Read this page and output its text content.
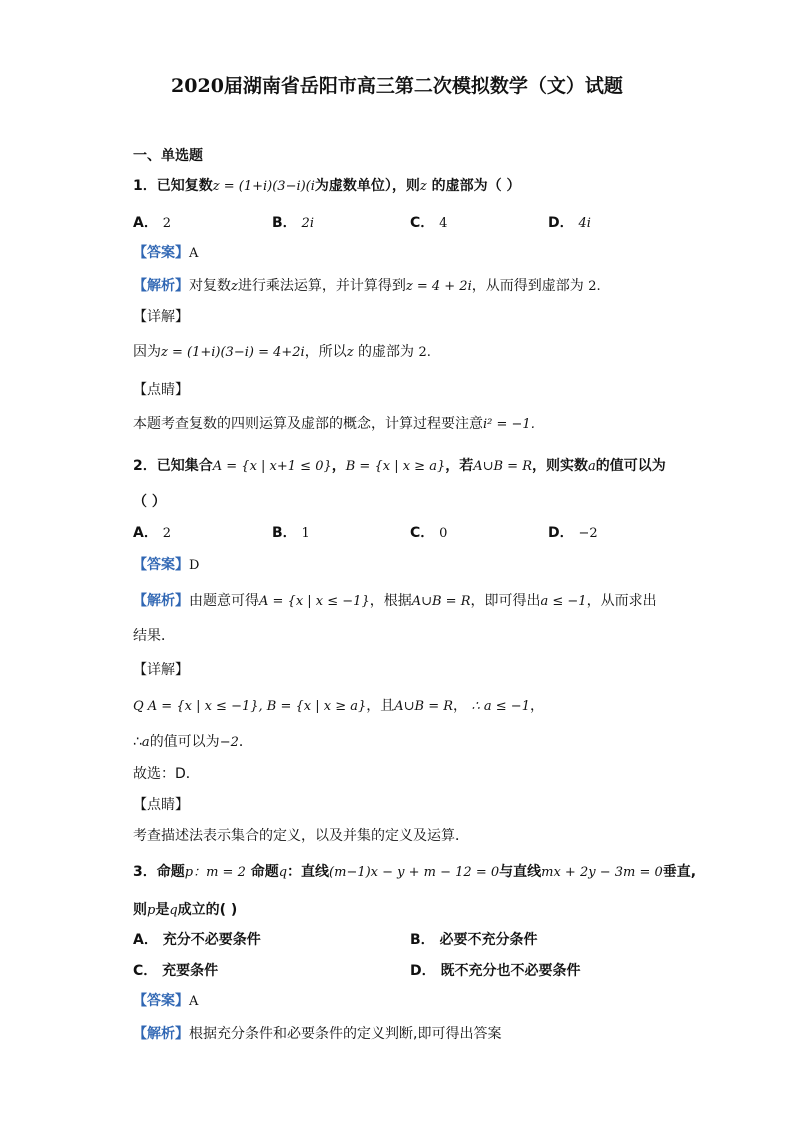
2020届湖南省岳阳市高三第二次模拟数学（文）试题
一、单选题
1．已知复数z = (1+i)(3−i)(i为虚数单位），则z 的虚部为（ ）
A． 2	B． 2i	C． 4	D． 4i
【答案】A
【解析】对复数z进行乘法运算，并计算得到z = 4 + 2i，从而得到虚部为 2.
【详解】
因为z = (1+i)(3−i) = 4+2i，所以z 的虚部为 2.
【点睛】
本题考查复数的四则运算及虚部的概念，计算过程要注意i² = −1.
2．已知集合A = {x | x+1 ≤ 0}，B = {x | x ≥ a}，若A∪B = R，则实数a的值可以为
（ ）
A． 2	B． 1	C． 0	D． −2
【答案】D
【解析】由题意可得A = {x | x ≤ −1}，根据A∪B = R，即可得出a ≤ −1，从而求出
结果．
【详解】
Q A = {x | x ≤ −1}, B = {x | x ≥ a}，且A∪B = R， ∴ a ≤ −1，
∴a的值可以为−2．
故选：D．
【点睛】
考查描述法表示集合的定义，以及并集的定义及运算．
3．命题p：m = 2 命题q：直线(m−1)x − y + m − 12 = 0与直线mx + 2y − 3m = 0垂直,
则p是q成立的( )
A． 充分不必要条件	B． 必要不充分条件
C． 充要条件	D． 既不充分也不必要条件
【答案】A
【解析】根据充分条件和必要条件的定义判断,即可得出答案
